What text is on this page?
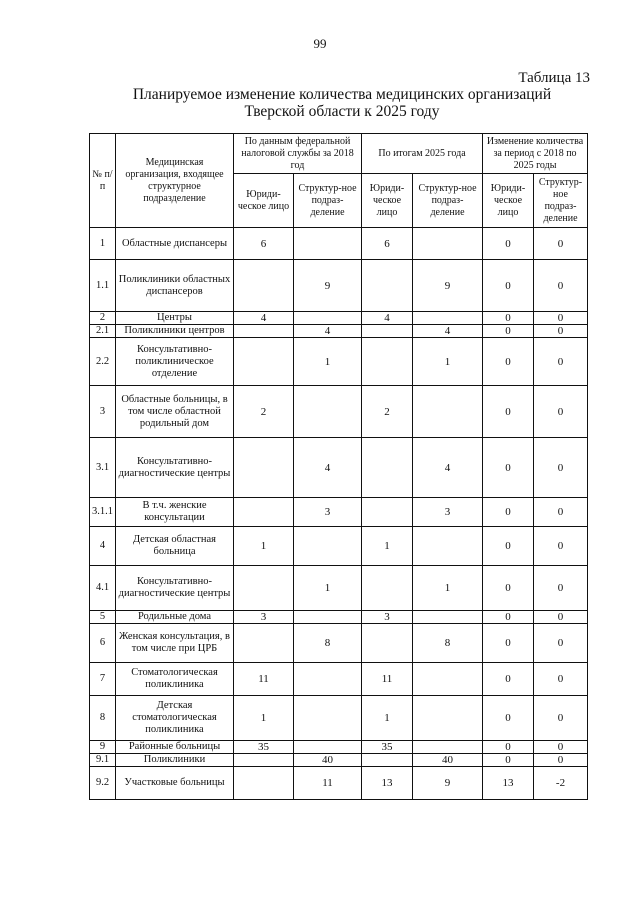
99
Таблица 13
Планируемое изменение количества медицинских организаций
Тверской области к 2025 году
№ п/п	Медицинская организация, входящее структурное подразделение	По данным федеральной налоговой службы за 2018 год		По итогам 2025 года		Изменение количества за период с 2018 по 2025 годы	
		Юриди-ческое лицо	Структур-ное подраз-деление	Юриди-ческое лицо	Структур-ное подраз-деление	Юриди-ческое лицо	Структур-ное подраз-деление
1	Областные диспансеры	6		6		0	0
1.1	Поликлиники областных диспансеров		9		9	0	0
2	Центры	4		4		0	0
2.1	Поликлиники центров		4		4	0	0
2.2	Консультативно-поликлиническое отделение		1		1	0	0
3	Областные больницы, в том числе областной родильный дом	2		2		0	0
3.1	Консультативно-диагностические центры		4		4	0	0
3.1.1	В т.ч. женские консультации		3		3	0	0
4	Детская областная больница	1		1		0	0
4.1	Консультативно-диагностические центры		1		1	0	0
5	Родильные дома	3		3		0	0
6	Женская консультация, в том числе при ЦРБ		8		8	0	0
7	Стоматологическая поликлиника	11		11		0	0
8	Детская стоматологическая поликлиника	1		1		0	0
9	Районные больницы	35		35		0	0
9.1	Поликлиники		40		40	0	0
9.2	Участковые больницы		11	13	9	13	-2
